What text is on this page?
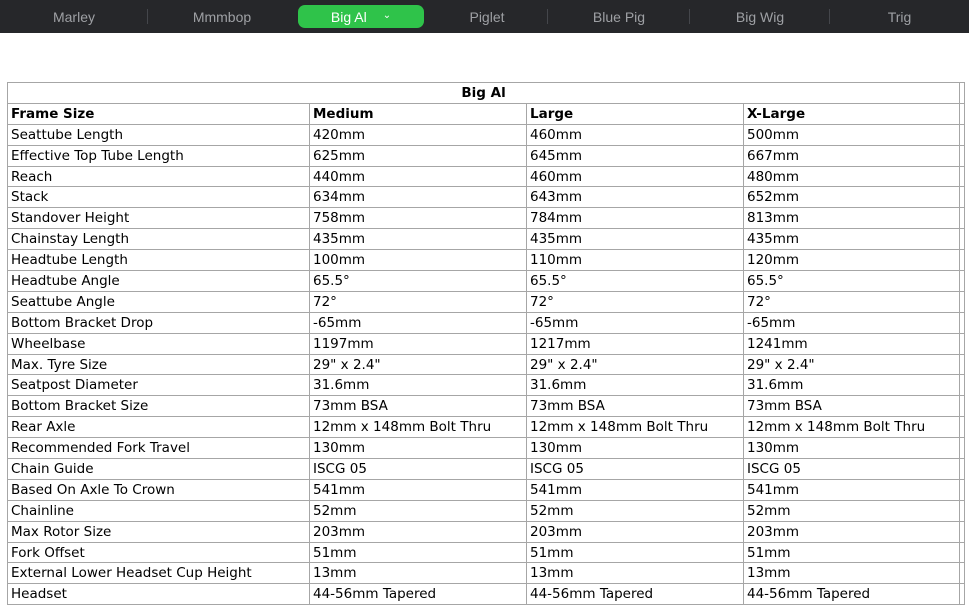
Marley	Mmmbop	Big Al ⌄	Piglet	Blue Pig	Big Wig	Trig
Big Al				
Frame Size	Medium	Large	X-Large	
Seattube Length	420mm	460mm	500mm	
Effective Top Tube Length	625mm	645mm	667mm	
Reach	440mm	460mm	480mm	
Stack	634mm	643mm	652mm	
Standover Height	758mm	784mm	813mm	
Chainstay Length	435mm	435mm	435mm	
Headtube Length	100mm	110mm	120mm	
Headtube Angle	65.5°	65.5°	65.5°	
Seattube Angle	72°	72°	72°	
Bottom Bracket Drop	-65mm	-65mm	-65mm	
Wheelbase	1197mm	1217mm	1241mm	
Max. Tyre Size	29" x 2.4"	29" x 2.4"	29" x 2.4"	
Seatpost Diameter	31.6mm	31.6mm	31.6mm	
Bottom Bracket Size	73mm BSA	73mm BSA	73mm BSA	
Rear Axle	12mm x 148mm Bolt Thru	12mm x 148mm Bolt Thru	12mm x 148mm Bolt Thru	
Recommended Fork Travel	130mm	130mm	130mm	
Chain Guide	ISCG 05	ISCG 05	ISCG 05	
Based On Axle To Crown	541mm	541mm	541mm	
Chainline	52mm	52mm	52mm	
Max Rotor Size	203mm	203mm	203mm	
Fork Offset	51mm	51mm	51mm	
External Lower Headset Cup Height	13mm	13mm	13mm	
Headset	44-56mm Tapered	44-56mm Tapered	44-56mm Tapered	
